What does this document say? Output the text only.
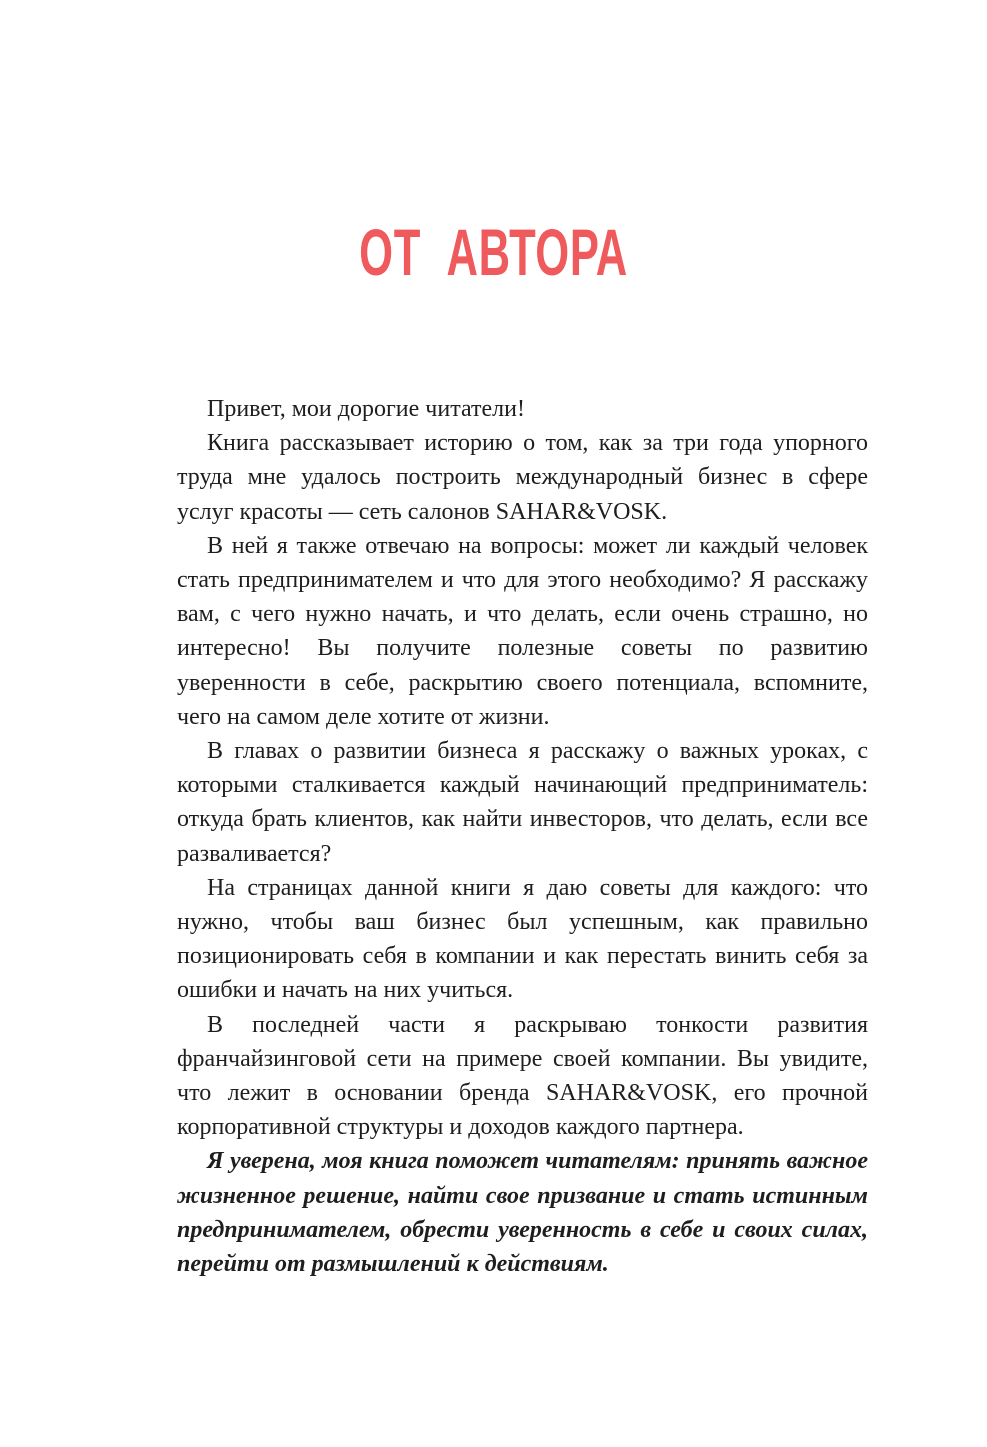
ОТ  АВТОРА

Привет, мои дорогие читатели!

Книга рассказывает историю о том, как за три года упорного труда мне удалось построить международный бизнес в сфере услуг красоты — сеть салонов SAHAR&VOSK.

В ней я также отвечаю на вопросы: может ли каждый человек стать предпринимателем и что для этого необходимо? Я расскажу вам, с чего нужно начать, и что делать, если очень страшно, но интересно! Вы получите полезные советы по развитию уверенности в себе, раскрытию своего потенциала, вспомните, чего на самом деле хотите от жизни.

В главах о развитии бизнеса я расскажу о важных уроках, с которыми сталкивается каждый начинающий предприниматель: откуда брать клиентов, как найти инвесторов, что делать, если все разваливается?

На страницах данной книги я даю советы для каждого: что нужно, чтобы ваш бизнес был успешным, как правильно позиционировать себя в компании и как перестать винить себя за ошибки и начать на них учиться.

В последней части я раскрываю тонкости развития франчайзинговой сети на примере своей компании. Вы увидите, что лежит в основании бренда SAHAR&VOSK, его прочной корпоративной структуры и доходов каждого партнера.

Я уверена, моя книга поможет читателям: принять важное жизненное решение, найти свое призвание и стать истинным предпринимателем, обрести уверенность в себе и своих силах, перейти от размышлений к действиям.
